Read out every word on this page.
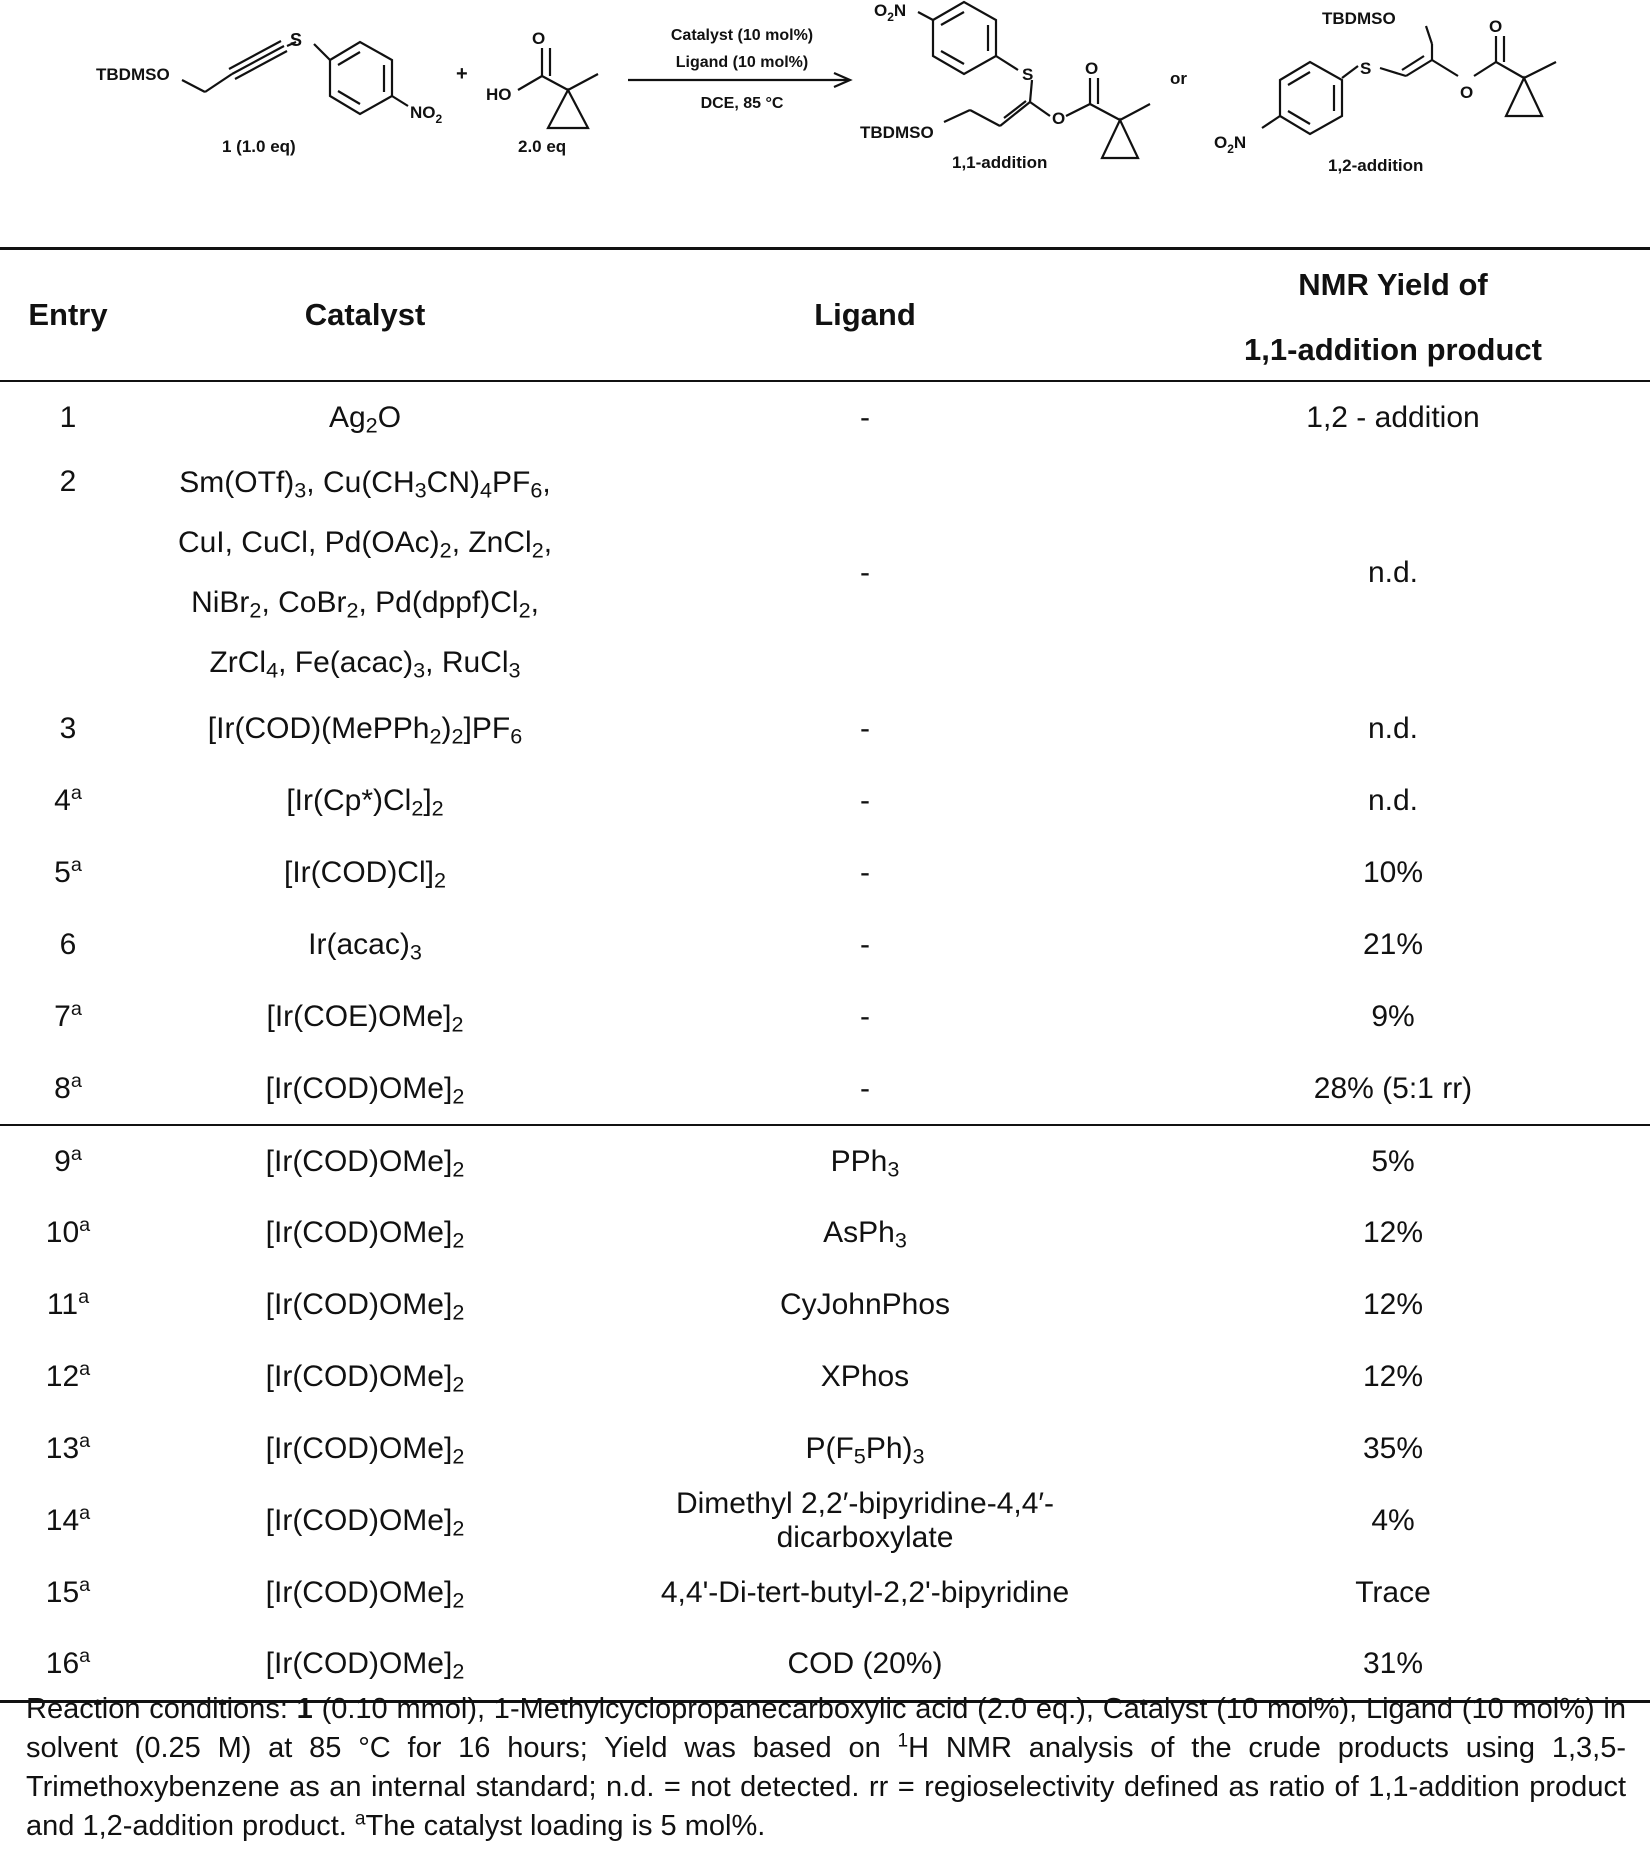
TBDMSO
S
$NO_2$
1 (1.0 eq)
+
HO
O
2.0 eq
Catalyst (10 mol%)
Ligand (10 mol%)
DCE, 85 °C
$O_2N$
S
TBDMSO
O
O
1,1-addition
or
TBDMSO
S
O
O
$O_2N$
1,2-addition
Entry	Catalyst	Ligand	NMR Yield of
1,1-addition product

1	$Ag_2O$	-	1,2 - addition
2	$Sm(OTf)_3$, $Cu(CH_3CN)_4PF_6$,
CuI, CuCl, $Pd(OAc)_2$, ZnCl$_2$,
NiBr$_2$, CoBr$_2$, $Pd(dppf)Cl_2$,
ZrCl$_4$, $Fe(acac)_3$, RuCl$_3$	-	n.d.
3	$[Ir(COD)(MePPh_2)_2]PF_6$	-	n.d.
4$^a$	$[Ir(Cp*)Cl_2]_2$	-	n.d.
5$^a$	$[Ir(COD)Cl]_2$	-	10%
6	$Ir(acac)_3$	-	21%
7$^a$	$[Ir(COE)OMe]_2$	-	9%
8$^a$	$[Ir(COD)OMe]_2$	-	28% (5:1 rr)
9$^a$	$[Ir(COD)OMe]_2$	PPh$_3$	5%
10$^a$	$[Ir(COD)OMe]_2$	AsPh$_3$	12%
11$^a$	$[Ir(COD)OMe]_2$	CyJohnPhos	12%
12$^a$	$[Ir(COD)OMe]_2$	XPhos	12%
13$^a$	$[Ir(COD)OMe]_2$	$P(F_5Ph)_3$	35%
14$^a$	$[Ir(COD)OMe]_2$	Dimethyl 2,2′-bipyridine-4,4′-dicarboxylate	4%
15$^a$	$[Ir(COD)OMe]_2$	4,4'-Di-tert-butyl-2,2'-bipyridine	Trace
16$^a$	$[Ir(COD)OMe]_2$	COD (20%)	31%
Reaction conditions: 1 (0.10 mmol), 1-Methylcyclopropanecarboxylic acid (2.0 eq.), Catalyst (10 mol%), Ligand (10 mol%) in solvent (0.25 M) at 85 °C for 16 hours; Yield was based on $^1$H NMR analysis of the crude products using 1,3,5-Trimethoxybenzene as an internal standard; n.d. = not detected. rr = regioselectivity defined as ratio of 1,1-addition product and 1,2-addition product. $^a$The catalyst loading is 5 mol%.
